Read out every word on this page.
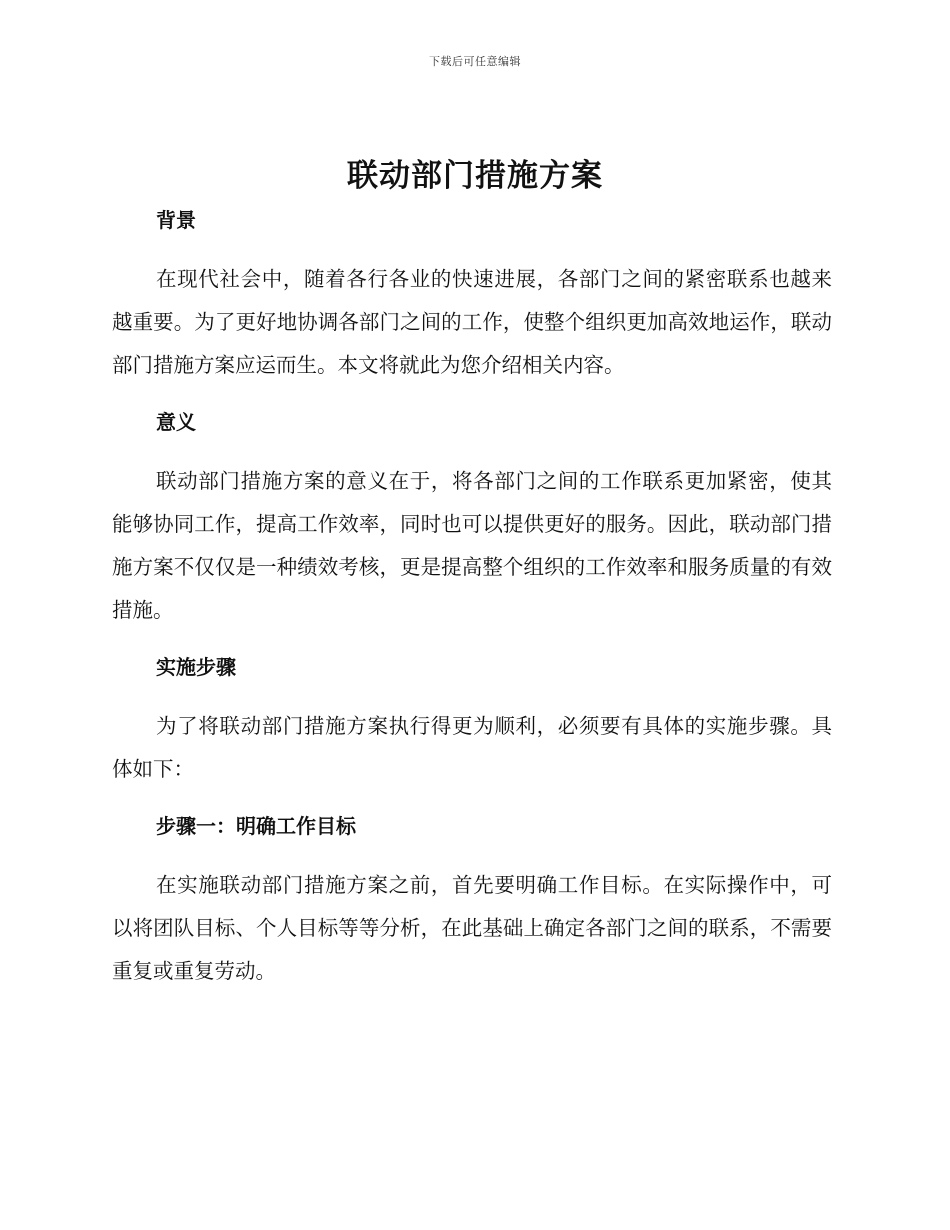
下载后可任意编辑
联动部门措施方案
背景

在现代社会中，随着各行各业的快速进展，各部门之间的紧密联系也越来越重要。为了更好地协调各部门之间的工作，使整个组织更加高效地运作，联动部门措施方案应运而生。本文将就此为您介绍相关内容。

意义

联动部门措施方案的意义在于，将各部门之间的工作联系更加紧密，使其能够协同工作，提高工作效率，同时也可以提供更好的服务。因此，联动部门措施方案不仅仅是一种绩效考核，更是提高整个组织的工作效率和服务质量的有效措施。

实施步骤

为了将联动部门措施方案执行得更为顺利，必须要有具体的实施步骤。具体如下：

步骤一：明确工作目标

在实施联动部门措施方案之前，首先要明确工作目标。在实际操作中，可以将团队目标、个人目标等等分析，在此基础上确定各部门之间的联系，不需要重复或重复劳动。
